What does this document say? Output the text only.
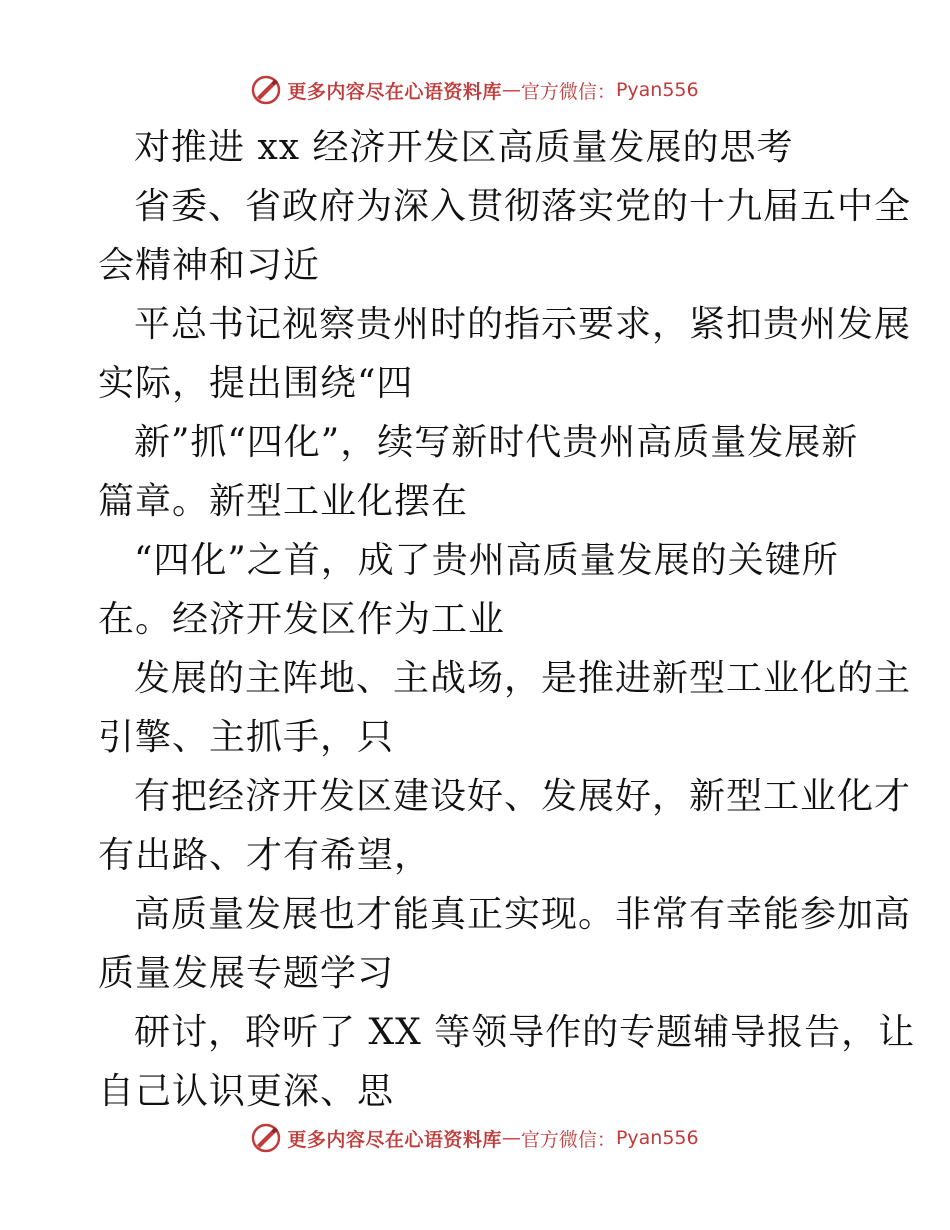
更多内容尽在心语资料库 — 官方微信： Pyan556
对推进 xx 经济开发区高质量发展的思考
省委、省政府为深入贯彻落实党的十九届五中全
会精神和习近
平总书记视察贵州时的指示要求，紧扣贵州发展
实际，提出围绕“四
新”抓“四化”，续写新时代贵州高质量发展新
篇章。新型工业化摆在
“四化”之首，成了贵州高质量发展的关键所
在。经济开发区作为工业
发展的主阵地、主战场，是推进新型工业化的主
引擎、主抓手，只
有把经济开发区建设好、发展好，新型工业化才
有出路、才有希望，
高质量发展也才能真正实现。非常有幸能参加高
质量发展专题学习
研讨，聆听了 XX 等领导作的专题辅导报告，让
自己认识更深、思
更多内容尽在心语资料库 — 官方微信： Pyan556
